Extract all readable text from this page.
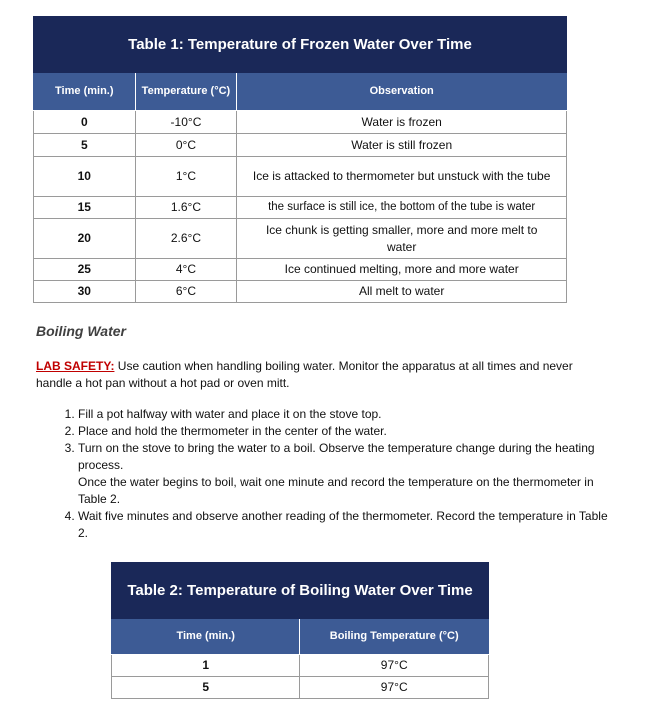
Table 1: Temperature of Frozen Water Over Time		
Time (min.)	Temperature (°C)	Observation
0	-10°C	Water is frozen
5	0°C	Water is still frozen
10	1°C	Ice is attacked to thermometer but unstuck with the tube
15	1.6°C	the surface is still ice, the bottom of the tube is water
20	2.6°C	Ice chunk is getting smaller, more and more melt to water
25	4°C	Ice continued melting, more and more water
30	6°C	All melt to water
Boiling Water
LAB SAFETY: Use caution when handling boiling water. Monitor the apparatus at all times and never handle a hot pan without a hot pad or oven mitt.
1. Fill a pot halfway with water and place it on the stove top.
2. Place and hold the thermometer in the center of the water.
3. Turn on the stove to bring the water to a boil. Observe the temperature change during the heating process.
Once the water begins to boil, wait one minute and record the temperature on the thermometer in Table 2.
4. Wait five minutes and observe another reading of the thermometer. Record the temperature in Table 2.
Table 2: Temperature of Boiling Water Over Time	
Time (min.)	Boiling Temperature (°C)
1	97°C
5	97°C
